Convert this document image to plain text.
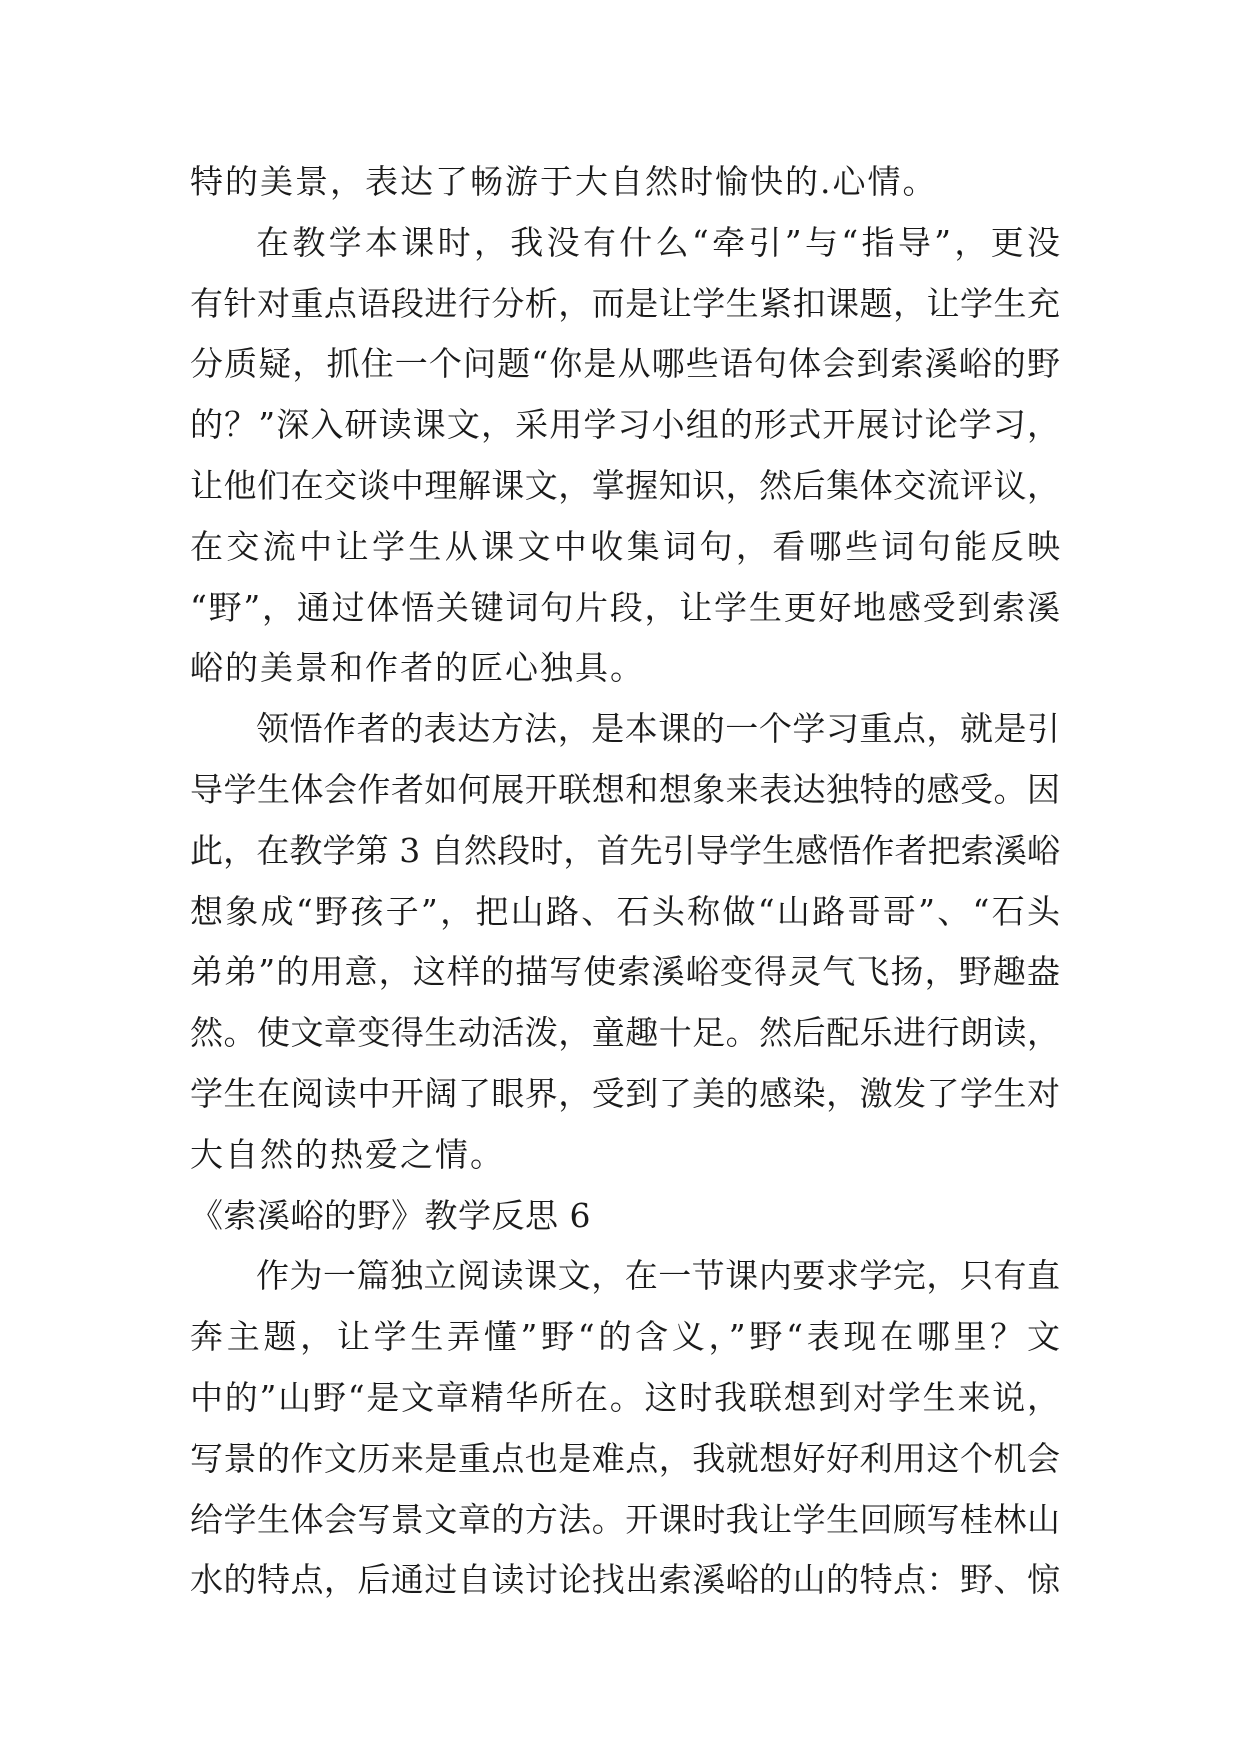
特的美景，表达了畅游于大自然时愉快的.心情。
在教学本课时，我没有什么“牵引”与“指导”，更没
有针对重点语段进行分析，而是让学生紧扣课题，让学生充
分质疑，抓住一个问题“你是从哪些语句体会到索溪峪的野
的？”深入研读课文，采用学习小组的形式开展讨论学习，
让他们在交谈中理解课文，掌握知识，然后集体交流评议，
在交流中让学生从课文中收集词句，看哪些词句能反映
“野”，通过体悟关键词句片段，让学生更好地感受到索溪
峪的美景和作者的匠心独具。
领悟作者的表达方法，是本课的一个学习重点，就是引
导学生体会作者如何展开联想和想象来表达独特的感受。因
此，在教学第 3 自然段时，首先引导学生感悟作者把索溪峪
想象成“野孩子”，把山路、石头称做“山路哥哥”、“石头
弟弟”的用意，这样的描写使索溪峪变得灵气飞扬，野趣盎
然。使文章变得生动活泼，童趣十足。然后配乐进行朗读，
学生在阅读中开阔了眼界，受到了美的感染，激发了学生对
大自然的热爱之情。
《索溪峪的野》教学反思 6
作为一篇独立阅读课文，在一节课内要求学完，只有直
奔主题，让学生弄懂”野“的含义，”野“表现在哪里？文
中的”山野“是文章精华所在。这时我联想到对学生来说，
写景的作文历来是重点也是难点，我就想好好利用这个机会
给学生体会写景文章的方法。开课时我让学生回顾写桂林山
水的特点，后通过自读讨论找出索溪峪的山的特点：野、惊
